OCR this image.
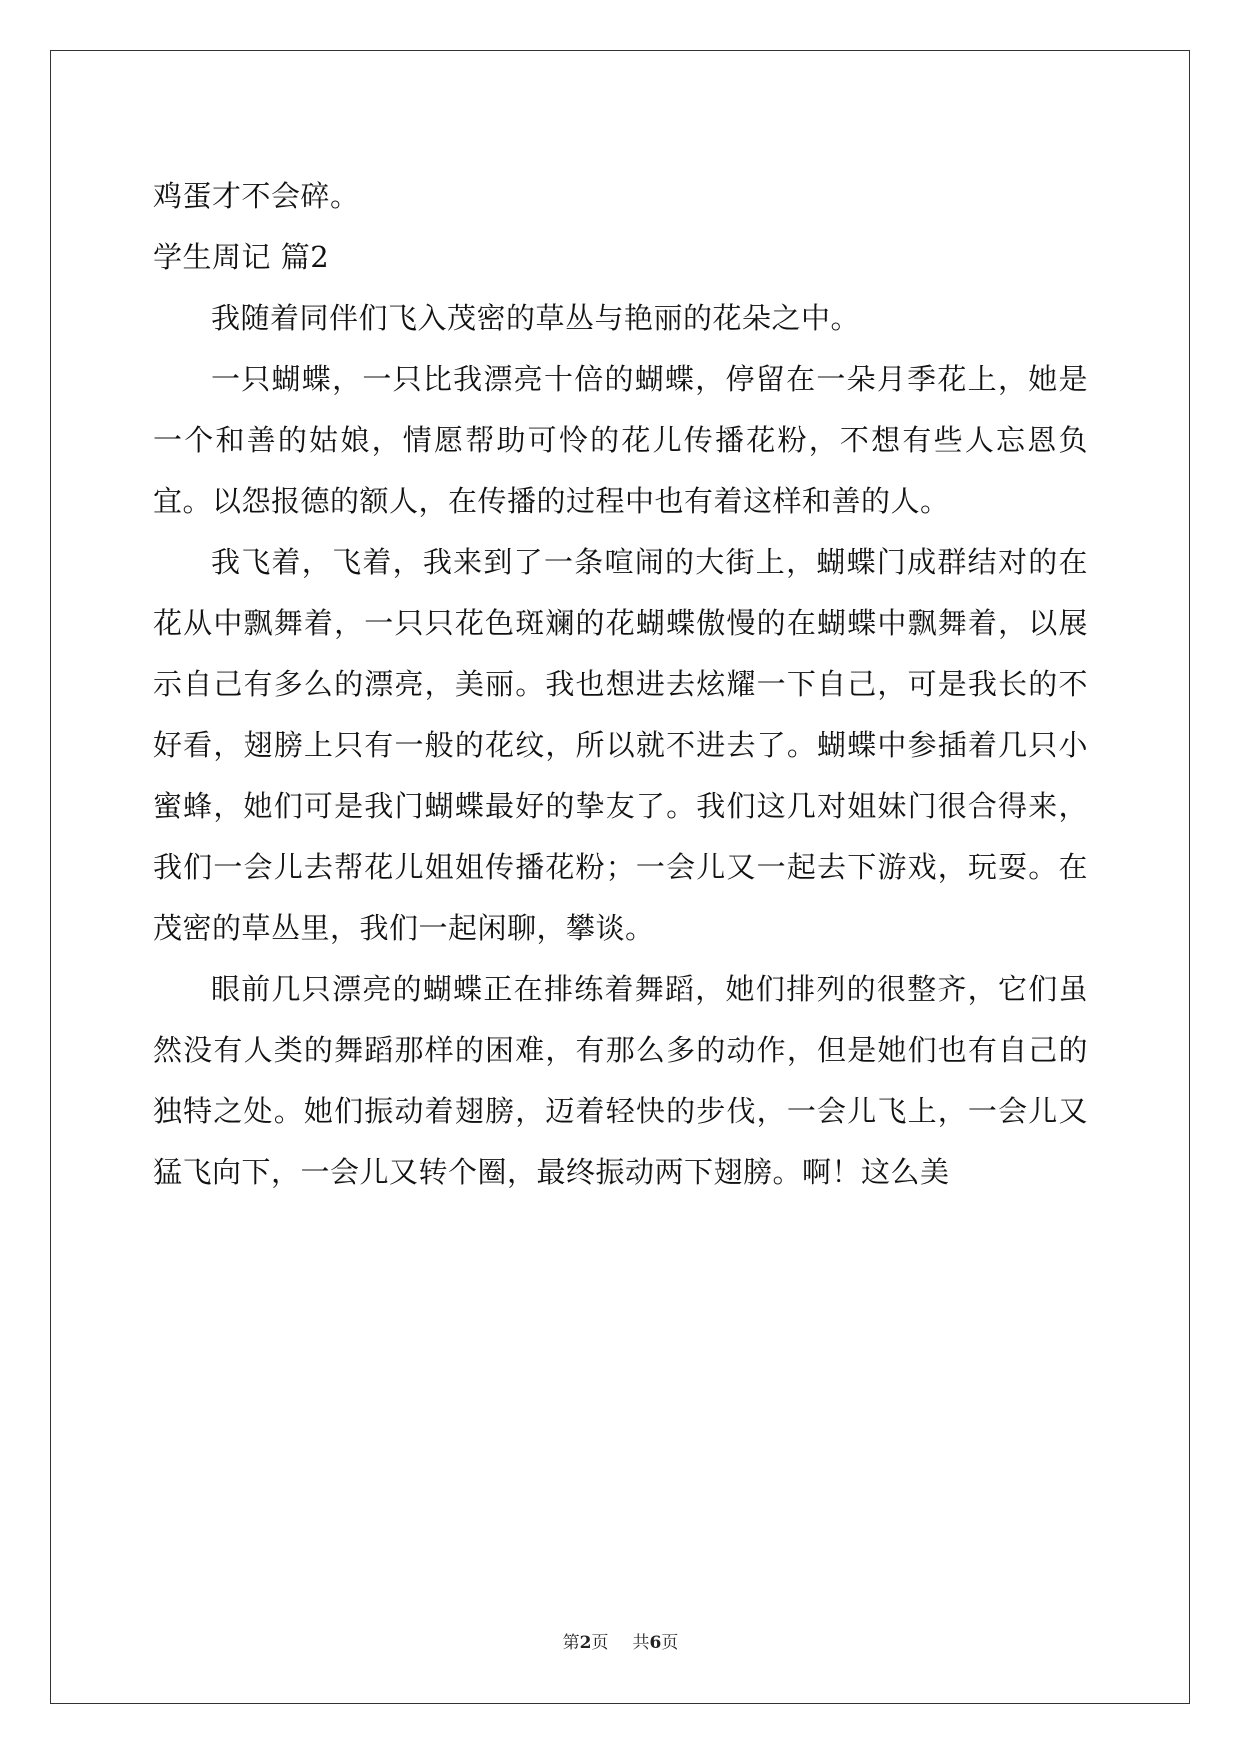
鸡蛋才不会碎。

学生周记 篇2

我随着同伴们飞入茂密的草丛与艳丽的花朵之中。

一只蝴蝶，一只比我漂亮十倍的蝴蝶，停留在一朵月季花上，她是一个和善的姑娘，情愿帮助可怜的花儿传播花粉，不想有些人忘恩负宜。以怨报德的额人，在传播的过程中也有着这样和善的人。

我飞着，飞着，我来到了一条喧闹的大街上，蝴蝶门成群结对的在花从中飘舞着，一只只花色斑斓的花蝴蝶傲慢的在蝴蝶中飘舞着，以展示自己有多么的漂亮，美丽。我也想进去炫耀一下自己，可是我长的不好看，翅膀上只有一般的花纹，所以就不进去了。蝴蝶中参插着几只小蜜蜂，她们可是我门蝴蝶最好的挚友了。我们这几对姐妹门很合得来，我们一会儿去帮花儿姐姐传播花粉；一会儿又一起去下游戏，玩耍。在茂密的草丛里，我们一起闲聊，攀谈。

眼前几只漂亮的蝴蝶正在排练着舞蹈，她们排列的很整齐，它们虽然没有人类的舞蹈那样的困难，有那么多的动作，但是她们也有自己的独特之处。她们振动着翅膀，迈着轻快的步伐，一会儿飞上，一会儿又猛飞向下，一会儿又转个圈，最终振动两下翅膀。啊！这么美

第2页 共6页
